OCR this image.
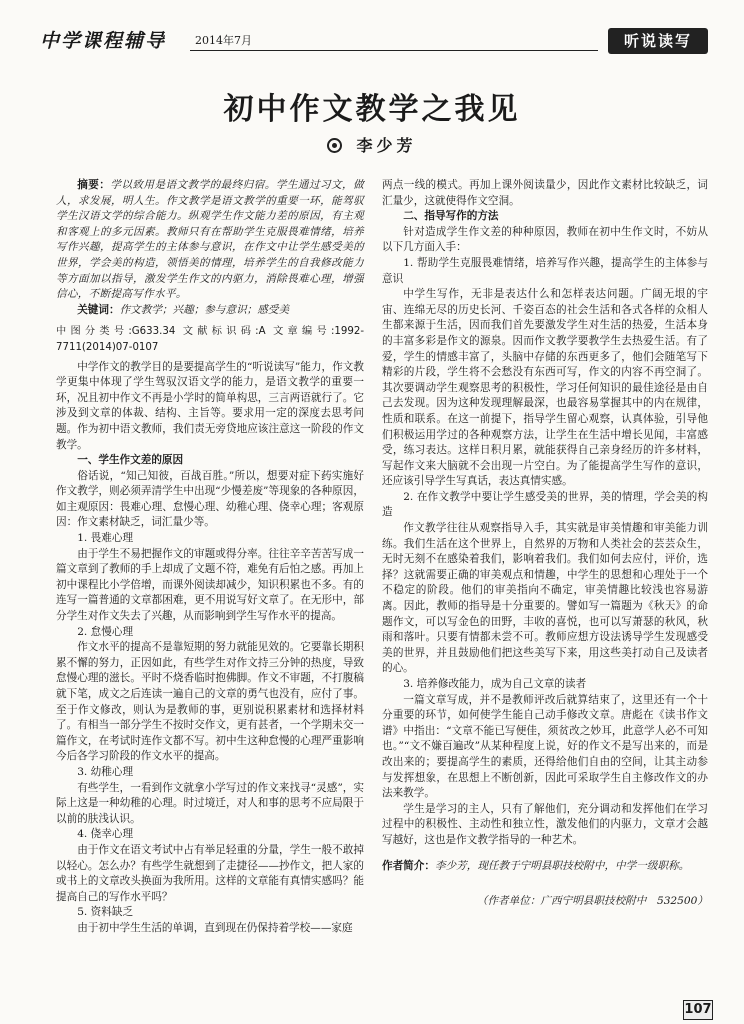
中学课程辅导	2014年7月	听说读写
初中作文教学之我见
李少芳

摘要：学以致用是语文教学的最终归宿。学生通过习文，做人，求发展，明人生。作文教学是语文教学的重要一环，能驾驭学生汉语文学的综合能力。纵观学生作文能力差的原因，有主观和客观上的多元因素。教师只有在帮助学生克服畏难情绪，培养写作兴趣，提高学生的主体参与意识，在作文中让学生感受美的世界，学会美的构造，领悟美的情理，培养学生的自我修改能力等方面加以指导，激发学生作文的内驱力，消除畏难心理，增强信心，不断提高写作水平。

关键词：作文教学；兴趣；参与意识；感受美

中图分类号:G633.34 文献标识码:A 文章编号:1992-7711(2014)07-0107

中学作文的教学目的是要提高学生的“听说读写”能力，作文教学更集中体现了学生驾驭汉语文学的能力，是语文教学的重要一环，况且初中作文不再是小学时的简单构思，三言两语就行了。它涉及到文章的体裁、结构、主旨等。要求用一定的深度去思考问题。作为初中语文教师，我们责无旁贷地应该注意这一阶段的作文教学。

一、学生作文差的原因

俗话说，“知己知彼，百战百胜。”所以，想要对症下药实施好作文教学，则必须弄清学生中出现“少慢差废”等现象的各种原因，如主观原因：畏难心理、怠慢心理、幼稚心理、侥幸心理；客观原因：作文素材缺乏，词汇量少等。

1. 畏难心理

由于学生不易把握作文的审题或得分率。往往辛辛苦苦写成一篇文章到了教师的手上却成了文题不符，难免有后怕之感。再加上初中课程比小学倍增，而课外阅读却减少，知识积累也不多。有的连写一篇普通的文章都困难，更不用说写好文章了。在无形中，部分学生对作文失去了兴趣，从而影响到学生写作水平的提高。

2. 怠慢心理

作文水平的提高不是靠短期的努力就能见效的。它要靠长期积累不懈的努力，正因如此，有些学生对作文持三分钟的热度，导致怠慢心理的滋长。平时不烧香临时抱佛脚。作文不审题，不打腹稿就下笔，成文之后连读一遍自己的文章的勇气也没有，应付了事。至于作文修改，则认为是教师的事，更别说积累素材和选择材料了。有相当一部分学生不按时交作文，更有甚者，一个学期未交一篇作文，在考试时连作文都不写。初中生这种怠慢的心理严重影响今后各学习阶段的作文水平的提高。

3. 幼稚心理

有些学生，一看到作文就拿小学写过的作文来找寻“灵感”，实际上这是一种幼稚的心理。时过境迁，对人和事的思考不应局限于以前的肤浅认识。

4. 侥幸心理

由于作文在语文考试中占有举足轻重的分量，学生一般不敢掉以轻心。怎么办？有些学生就想到了走捷径——抄作文，把人家的或书上的文章改头换面为我所用。这样的文章能有真情实感吗？能提高自己的写作水平吗？

5. 资料缺乏

由于初中学生生活的单调，直到现在仍保持着学校——家庭

两点一线的模式。再加上课外阅读量少，因此作文素材比较缺乏，词汇量少，这就使得作文空洞。

二、指导写作的方法

针对造成学生作文差的种种原因，教师在初中生作文时，不妨从以下几方面入手：

1. 帮助学生克服畏难情绪，培养写作兴趣，提高学生的主体参与意识

中学生写作，无非是表达什么和怎样表达问题。广阔无垠的宇宙、连绵无尽的历史长河、千姿百态的社会生活和各式各样的众相人生都来源于生活，因而我们首先要激发学生对生活的热爱，生活本身的丰富多彩是作文的源泉。因而作文教学要教学生去热爱生活。有了爱，学生的情感丰富了，头脑中存储的东西更多了，他们会随笔写下精彩的片段，学生将不会愁没有东西可写，作文的内容不再空洞了。其次要调动学生观察思考的积极性，学习任何知识的最佳途径是由自己去发现。因为这种发现理解最深，也最容易掌握其中的内在规律，性质和联系。在这一前提下，指导学生留心观察，认真体验，引导他们积极运用学过的各种观察方法，让学生在生活中增长见闻，丰富感受，练习表达。这样日积月累，就能获得自己亲身经历的许多材料，写起作文来大脑就不会出现一片空白。为了能提高学生写作的意识，还应该引导学生写真话，表达真情实感。

2. 在作文教学中要让学生感受美的世界，美的情理，学会美的构造

作文教学往往从观察指导入手，其实就是审美情趣和审美能力训练。我们生活在这个世界上，自然界的万物和人类社会的芸芸众生，无时无刻不在感染着我们，影响着我们。我们如何去应付，评价，选择？这就需要正确的审美观点和情趣，中学生的思想和心理处于一个不稳定的阶段。他们的审美指向不确定，审美情趣比较浅也容易游离。因此，教师的指导是十分重要的。譬如写一篇题为《秋天》的命题作文，可以写金色的田野，丰收的喜悦，也可以写萧瑟的秋风，秋雨和落叶。只要有情都未尝不可。教师应想方设法诱导学生发现感受美的世界，并且鼓励他们把这些美写下来，用这些美打动自己及读者的心。

3. 培养修改能力，成为自己文章的读者

一篇文章写成，并不是教师评改后就算结束了，这里还有一个十分重要的环节，如何使学生能自己动手修改文章。唐彪在《读书作文谱》中指出：“文章不能已写便佳，须贫改之妙耳，此意学人必不可知也。”“文不嫌百遍改”从某种程度上说，好的作文不是写出来的，而是改出来的；要提高学生的素质，还得给他们自由的空间，让其主动参与发挥想象，在思想上不断创新，因此可采取学生自主修改作文的办法来教学。

学生是学习的主人，只有了解他们，充分调动和发挥他们在学习过程中的积极性、主动性和独立性，激发他们的内驱力，文章才会越写越好，这也是作文教学指导的一种艺术。

作者简介：李少芳，现任教于宁明县职技校附中，中学一级职称。

（作者单位：广西宁明县职技校附中　532500）

107
